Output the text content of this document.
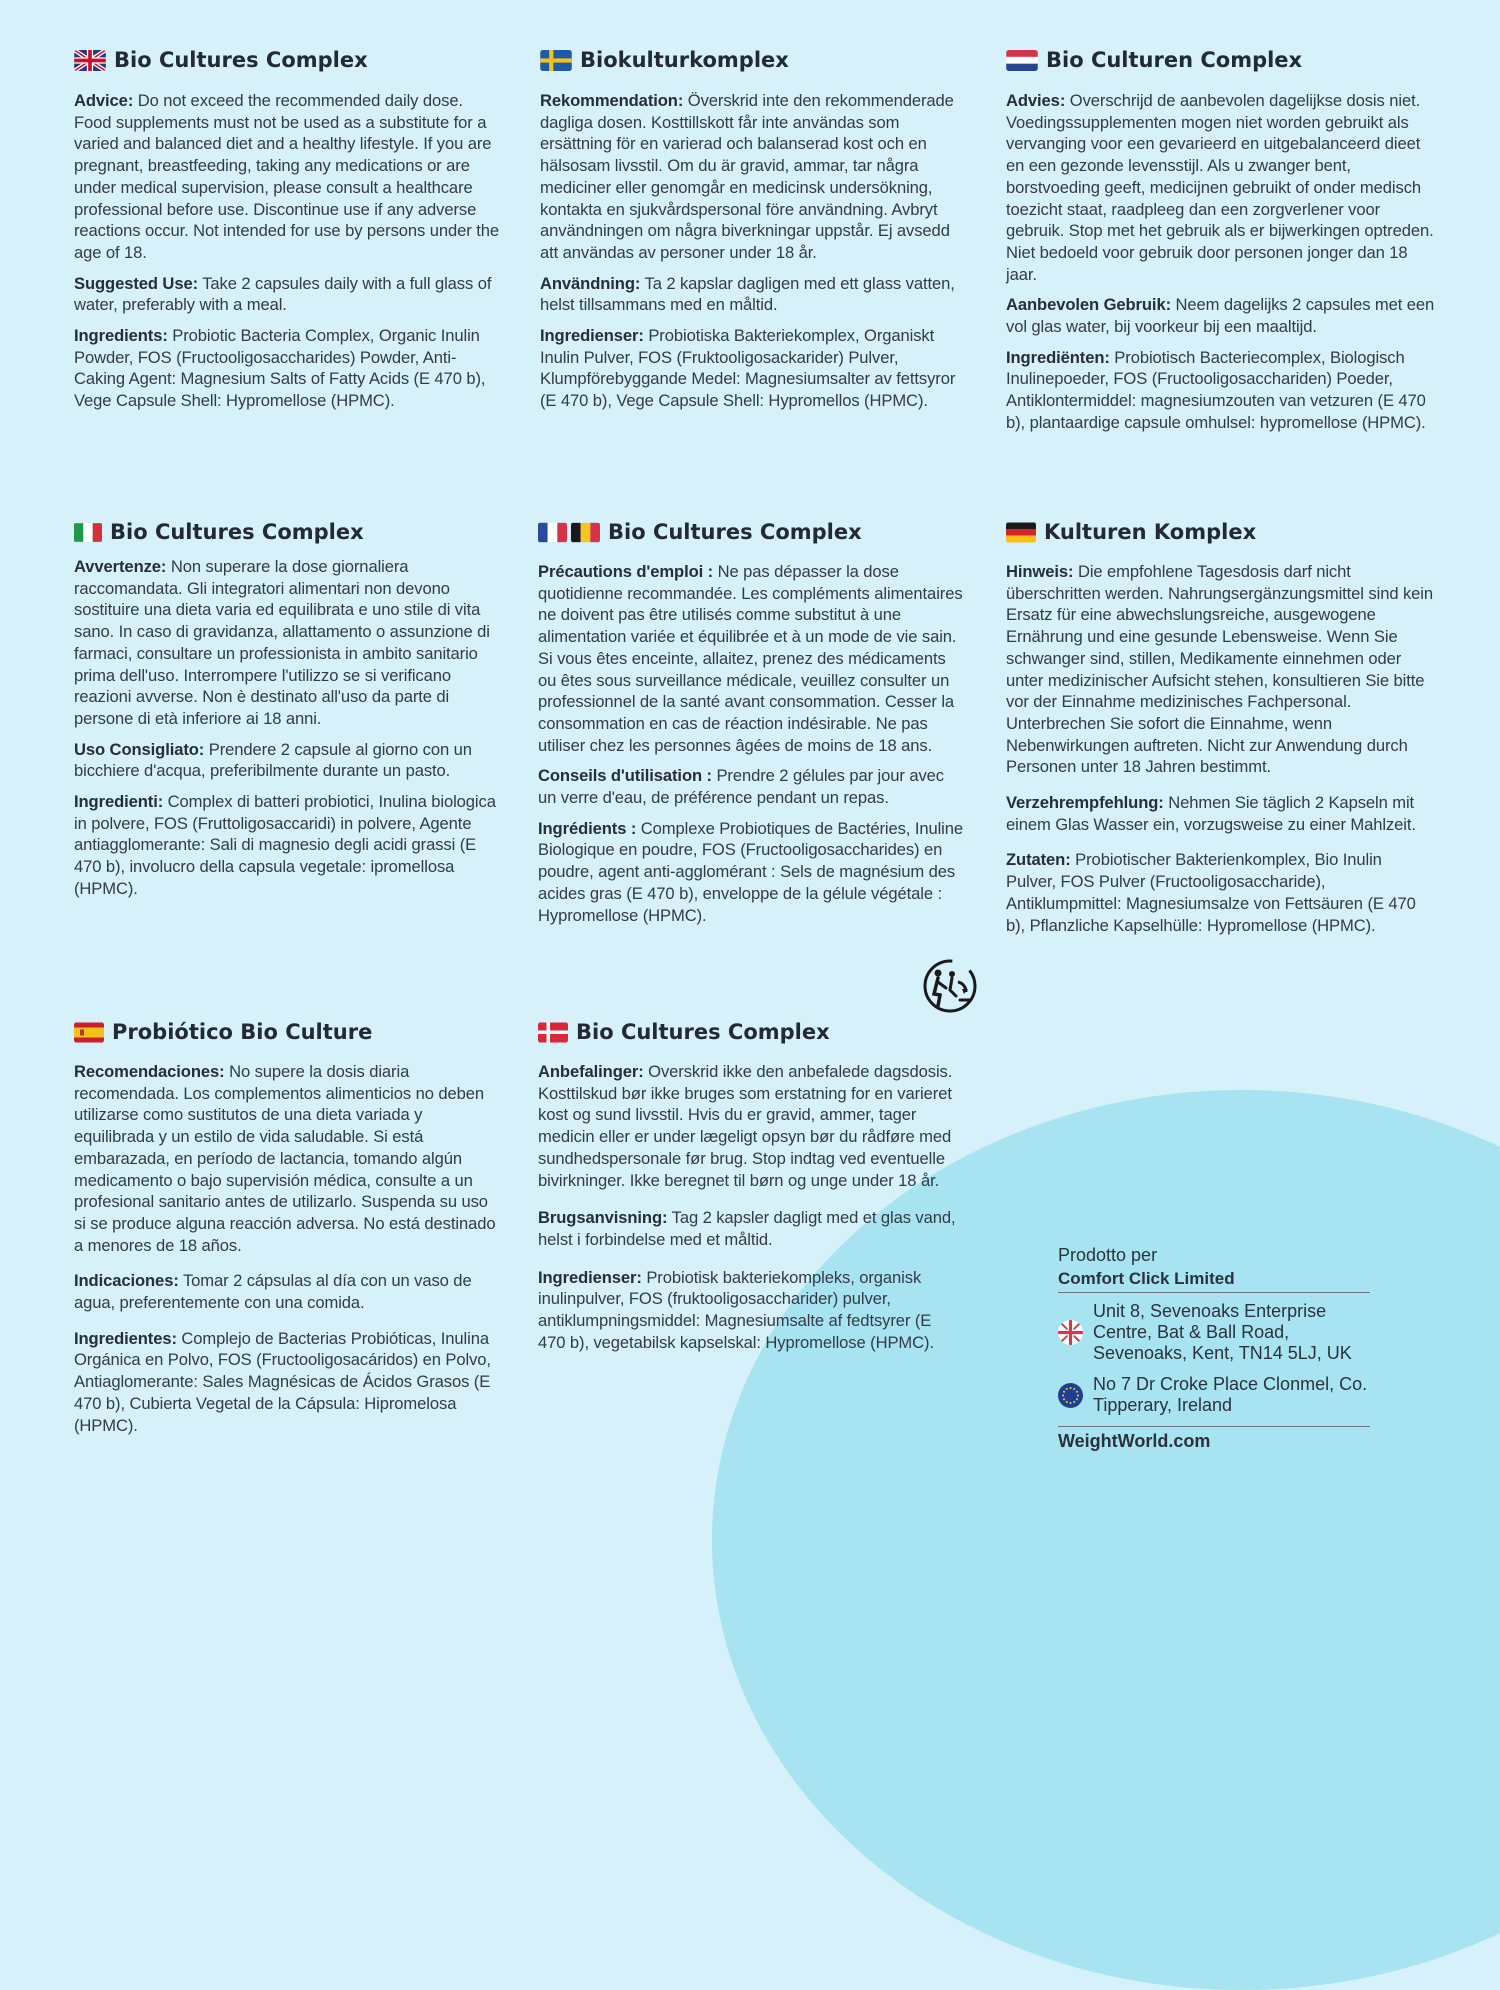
Bio Cultures Complex

Advice: Do not exceed the recommended daily dose. Food supplements must not be used as a substitute for a varied and balanced diet and a healthy lifestyle. If you are pregnant, breastfeeding, taking any medications or are under medical supervision, please consult a healthcare professional before use. Discontinue use if any adverse reactions occur. Not intended for use by persons under the age of 18.

Suggested Use: Take 2 capsules daily with a full glass of water, preferably with a meal.

Ingredients: Probiotic Bacteria Complex, Organic Inulin Powder, FOS (Fructooligosaccharides) Powder, Anti-Caking Agent: Magnesium Salts of Fatty Acids (E 470 b), Vege Capsule Shell: Hypromellose (HPMC).

Biokulturkomplex

Rekommendation: Överskrid inte den rekommenderade dagliga dosen. Kosttillskott får inte användas som ersättning för en varierad och balanserad kost och en hälsosam livsstil. Om du är gravid, ammar, tar några mediciner eller genomgår en medicinsk undersökning, kontakta en sjukvårdspersonal före användning. Avbryt användningen om några biverkningar uppstår. Ej avsedd att användas av personer under 18 år.

Användning: Ta 2 kapslar dagligen med ett glass vatten, helst tillsammans med en måltid.

Ingredienser: Probiotiska Bakteriekomplex, Organiskt Inulin Pulver, FOS (Fruktooligosackarider) Pulver, Klumpförebyggande Medel: Magnesiumsalter av fettsyror (E 470 b), Vege Capsule Shell: Hypromellos (HPMC).

Bio Culturen Complex

Advies: Overschrijd de aanbevolen dagelijkse dosis niet. Voedingssupplementen mogen niet worden gebruikt als vervanging voor een gevarieerd en uitgebalanceerd dieet en een gezonde levensstijl. Als u zwanger bent, borstvoeding geeft, medicijnen gebruikt of onder medisch toezicht staat, raadpleeg dan een zorgverlener voor gebruik. Stop met het gebruik als er bijwerkingen optreden. Niet bedoeld voor gebruik door personen jonger dan 18 jaar.

Aanbevolen Gebruik: Neem dagelijks 2 capsules met een vol glas water, bij voorkeur bij een maaltijd.

Ingrediënten: Probiotisch Bacteriecomplex, Biologisch Inulinepoeder, FOS (Fructooligosacchariden) Poeder, Antiklontermiddel: magnesiumzouten van vetzuren (E 470 b), plantaardige capsule omhulsel: hypromellose (HPMC).

Bio Cultures Complex

Avvertenze: Non superare la dose giornaliera raccomandata. Gli integratori alimentari non devono sostituire una dieta varia ed equilibrata e uno stile di vita sano. In caso di gravidanza, allattamento o assunzione di farmaci, consultare un professionista in ambito sanitario prima dell'uso. Interrompere l'utilizzo se si verificano reazioni avverse. Non è destinato all'uso da parte di persone di età inferiore ai 18 anni.

Uso Consigliato: Prendere 2 capsule al giorno con un bicchiere d'acqua, preferibilmente durante un pasto.

Ingredienti: Complex di batteri probiotici, Inulina biologica in polvere, FOS (Fruttoligosaccaridi) in polvere, Agente antiagglomerante: Sali di magnesio degli acidi grassi (E 470 b), involucro della capsula vegetale: ipromellosa (HPMC).

Bio Cultures Complex

Précautions d'emploi : Ne pas dépasser la dose quotidienne recommandée. Les compléments alimentaires ne doivent pas être utilisés comme substitut à une alimentation variée et équilibrée et à un mode de vie sain. Si vous êtes enceinte, allaitez, prenez des médicaments ou êtes sous surveillance médicale, veuillez consulter un professionnel de la santé avant consommation. Cesser la consommation en cas de réaction indésirable. Ne pas utiliser chez les personnes âgées de moins de 18 ans.

Conseils d'utilisation : Prendre 2 gélules par jour avec un verre d'eau, de préférence pendant un repas.

Ingrédients : Complexe Probiotiques de Bactéries, Inuline Biologique en poudre, FOS (Fructooligosaccharides) en poudre, agent anti-agglomérant : Sels de magnésium des acides gras (E 470 b), enveloppe de la gélule végétale : Hypromellose (HPMC).

Kulturen Komplex

Hinweis: Die empfohlene Tagesdosis darf nicht überschritten werden. Nahrungsergänzungsmittel sind kein Ersatz für eine abwechslungsreiche, ausgewogene Ernährung und eine gesunde Lebensweise. Wenn Sie schwanger sind, stillen, Medikamente einnehmen oder unter medizinischer Aufsicht stehen, konsultieren Sie bitte vor der Einnahme medizinisches Fachpersonal. Unterbrechen Sie sofort die Einnahme, wenn Nebenwirkungen auftreten. Nicht zur Anwendung durch Personen unter 18 Jahren bestimmt.

Verzehrempfehlung: Nehmen Sie täglich 2 Kapseln mit einem Glas Wasser ein, vorzugsweise zu einer Mahlzeit.

Zutaten: Probiotischer Bakterienkomplex, Bio Inulin Pulver, FOS Pulver (Fructooligosaccharide), Antiklumpmittel: Magnesiumsalze von Fettsäuren (E 470 b), Pflanzliche Kapselhülle: Hypromellose (HPMC).

Probiótico Bio Culture

Recomendaciones: No supere la dosis diaria recomendada. Los complementos alimenticios no deben utilizarse como sustitutos de una dieta variada y equilibrada y un estilo de vida saludable. Si está embarazada, en período de lactancia, tomando algún medicamento o bajo supervisión médica, consulte a un profesional sanitario antes de utilizarlo. Suspenda su uso si se produce alguna reacción adversa. No está destinado a menores de 18 años.

Indicaciones: Tomar 2 cápsulas al día con un vaso de agua, preferentemente con una comida.

Ingredientes: Complejo de Bacterias Probióticas, Inulina Orgánica en Polvo, FOS (Fructooligosacáridos) en Polvo, Antiaglomerante: Sales Magnésicas de Ácidos Grasos (E 470 b), Cubierta Vegetal de la Cápsula: Hipromelosa (HPMC).

Bio Cultures Complex

Anbefalinger: Overskrid ikke den anbefalede dagsdosis. Kosttilskud bør ikke bruges som erstatning for en varieret kost og sund livsstil. Hvis du er gravid, ammer, tager medicin eller er under lægeligt opsyn bør du rådføre med sundhedspersonale før brug. Stop indtag ved eventuelle bivirkninger. Ikke beregnet til børn og unge under 18 år.

Brugsanvisning: Tag 2 kapsler dagligt med et glas vand, helst i forbindelse med et måltid.

Ingredienser: Probiotisk bakteriekompleks, organisk inulinpulver, FOS (fruktooligosaccharider) pulver, antiklumpningsmiddel: Magnesiumsalte af fedtsyrer (E 470 b), vegetabilsk kapselskal: Hypromellose (HPMC).

Prodotto per
Comfort Click Limited
Unit 8, Sevenoaks Enterprise Centre, Bat & Ball Road, Sevenoaks, Kent, TN14 5LJ, UK
No 7 Dr Croke Place Clonmel, Co. Tipperary, Ireland
WeightWorld.com
